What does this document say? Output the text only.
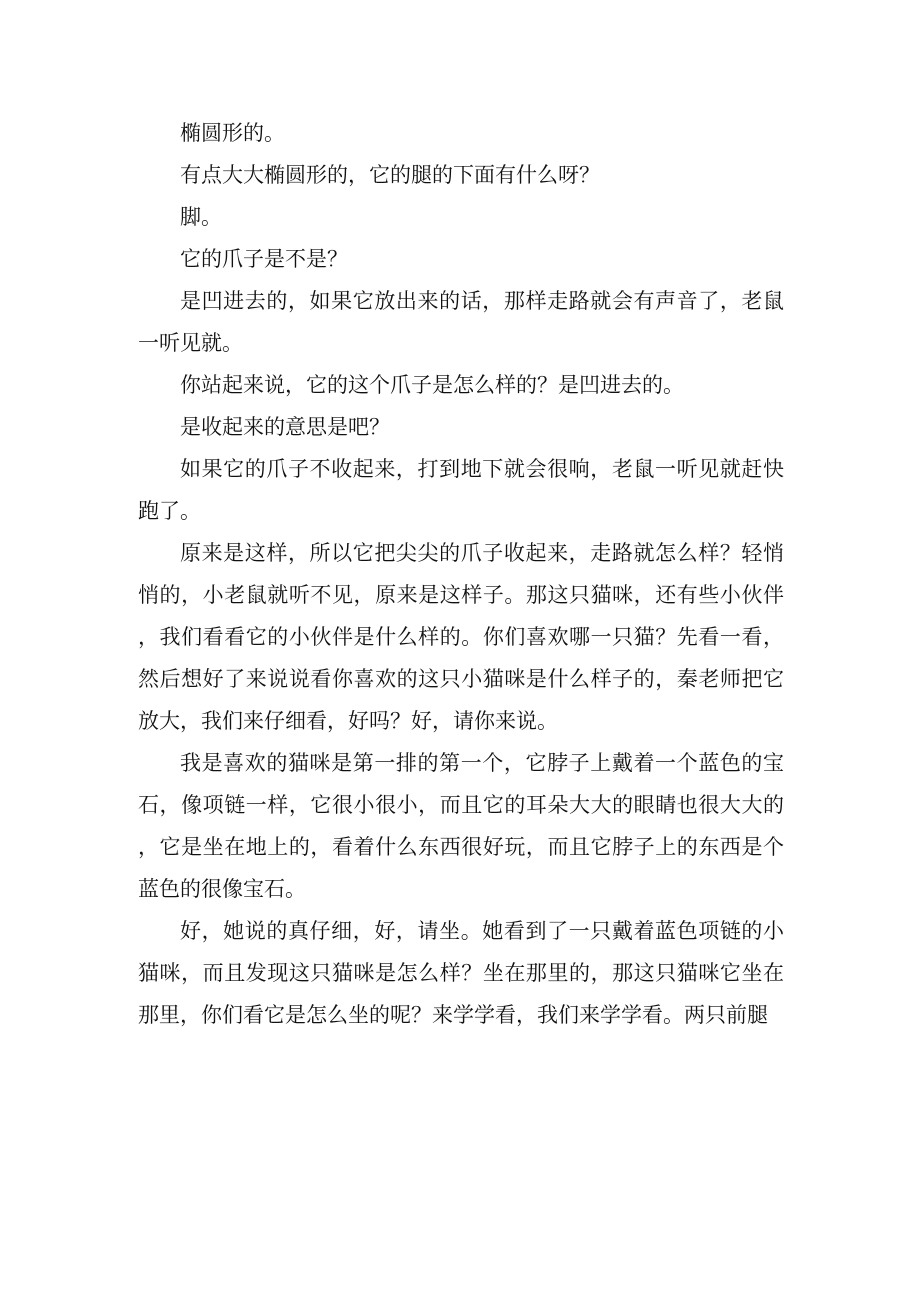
椭圆形的。

有点大大椭圆形的，它的腿的下面有什么呀？

脚。

它的爪子是不是？

是凹进去的，如果它放出来的话，那样走路就会有声音了，老鼠一听见就。

你站起来说，它的这个爪子是怎么样的？是凹进去的。

是收起来的意思是吧？

如果它的爪子不收起来，打到地下就会很响，老鼠一听见就赶快跑了。

原来是这样，所以它把尖尖的爪子收起来，走路就怎么样？轻悄悄的，小老鼠就听不见，原来是这样子。那这只猫咪，还有些小伙伴，我们看看它的小伙伴是什么样的。你们喜欢哪一只猫？先看一看，然后想好了来说说看你喜欢的这只小猫咪是什么样子的，秦老师把它放大，我们来仔细看，好吗？好，请你来说。

我是喜欢的猫咪是第一排的第一个，它脖子上戴着一个蓝色的宝石，像项链一样，它很小很小，而且它的耳朵大大的眼睛也很大大的，它是坐在地上的，看着什么东西很好玩，而且它脖子上的东西是个蓝色的很像宝石。

好，她说的真仔细，好，请坐。她看到了一只戴着蓝色项链的小猫咪，而且发现这只猫咪是怎么样？坐在那里的，那这只猫咪它坐在那里，你们看它是怎么坐的呢？来学学看，我们来学学看。两只前腿
